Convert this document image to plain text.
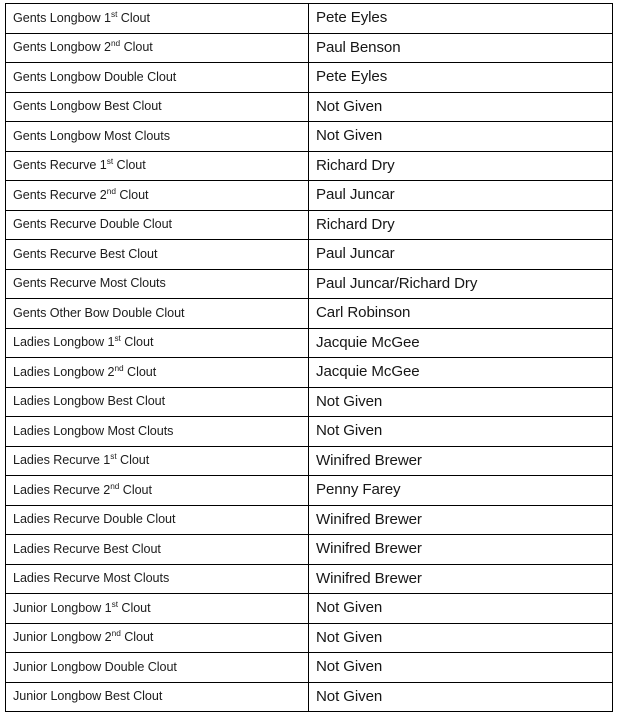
Gents Longbow 1st Clout	Pete Eyles
Gents Longbow 2nd Clout	Paul Benson
Gents Longbow Double Clout	Pete Eyles
Gents Longbow Best Clout	Not Given
Gents Longbow Most Clouts	Not Given
Gents Recurve 1st Clout	Richard Dry
Gents Recurve 2nd Clout	Paul Juncar
Gents Recurve Double Clout	Richard Dry
Gents Recurve Best Clout	Paul Juncar
Gents Recurve Most Clouts	Paul Juncar/Richard Dry
Gents Other Bow Double Clout	Carl Robinson
Ladies Longbow 1st Clout	Jacquie McGee
Ladies Longbow 2nd Clout	Jacquie McGee
Ladies Longbow Best Clout	Not Given
Ladies Longbow Most Clouts	Not Given
Ladies Recurve 1st Clout	Winifred Brewer
Ladies Recurve 2nd Clout	Penny Farey
Ladies Recurve Double Clout	Winifred Brewer
Ladies Recurve Best Clout	Winifred Brewer
Ladies Recurve Most Clouts	Winifred Brewer
Junior Longbow 1st Clout	Not Given
Junior Longbow 2nd Clout	Not Given
Junior Longbow Double Clout	Not Given
Junior Longbow Best Clout	Not Given
